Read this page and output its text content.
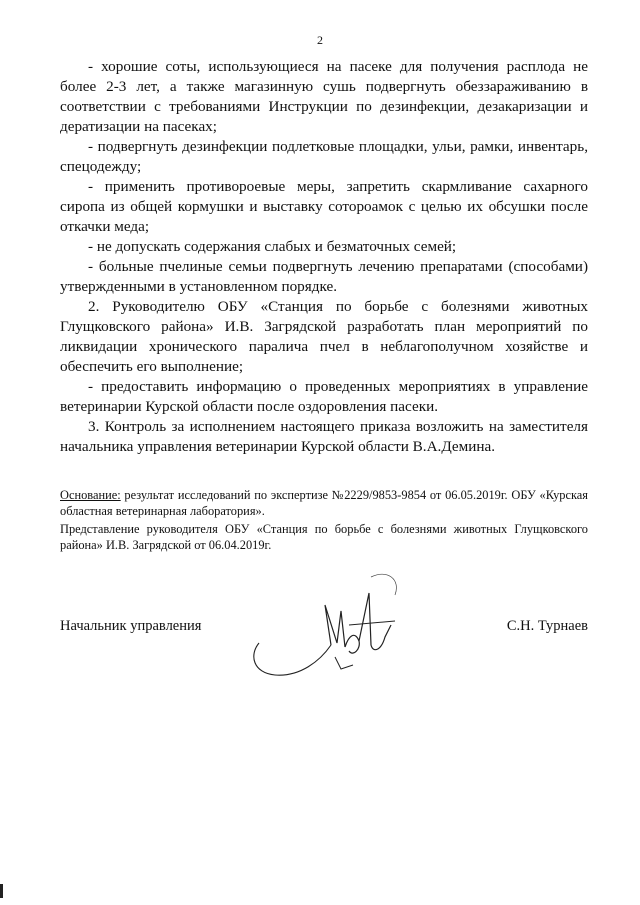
2

- хорошие соты, использующиеся на пасеке для получения расплода не более 2-3 лет, а также магазинную сушь подвергнуть обеззараживанию в соответствии с требованиями Инструкции по дезинфекции, дезакаризации и дератизации на пасеках;

- подвергнуть дезинфекции подлетковые площадки, ульи, рамки, инвентарь, спецодежду;

- применить противороевые меры, запретить скармливание сахарного сиропа из общей кормушки и выставку сотороамок с целью их обсушки после откачки меда;

- не допускать содержания слабых и безматочных семей;

- больные пчелиные семьи подвергнуть лечению препаратами (способами) утвержденными в установленном порядке.

2. Руководителю ОБУ «Станция по борьбе с болезнями животных Глущковского района» И.В. Загрядской разработать план мероприятий по ликвидации хронического паралича пчел в неблагополучном хозяйстве и обеспечить его выполнение;

- предоставить информацию о проведенных мероприятиях в управление ветеринарии Курской области после оздоровления пасеки.

3. Контроль за исполнением настоящего приказа возложить на заместителя начальника управления ветеринарии Курской области В.А.Демина.

Основание: результат исследований по экспертизе №2229/9853-9854 от 06.05.2019г. ОБУ «Курская областная ветеринарная лаборатория».

Представление руководителя ОБУ «Станция по борьбе с болезнями животных Глущковского района» И.В. Загрядской от 06.04.2019г.

Начальник управления	С.Н. Турнаев
